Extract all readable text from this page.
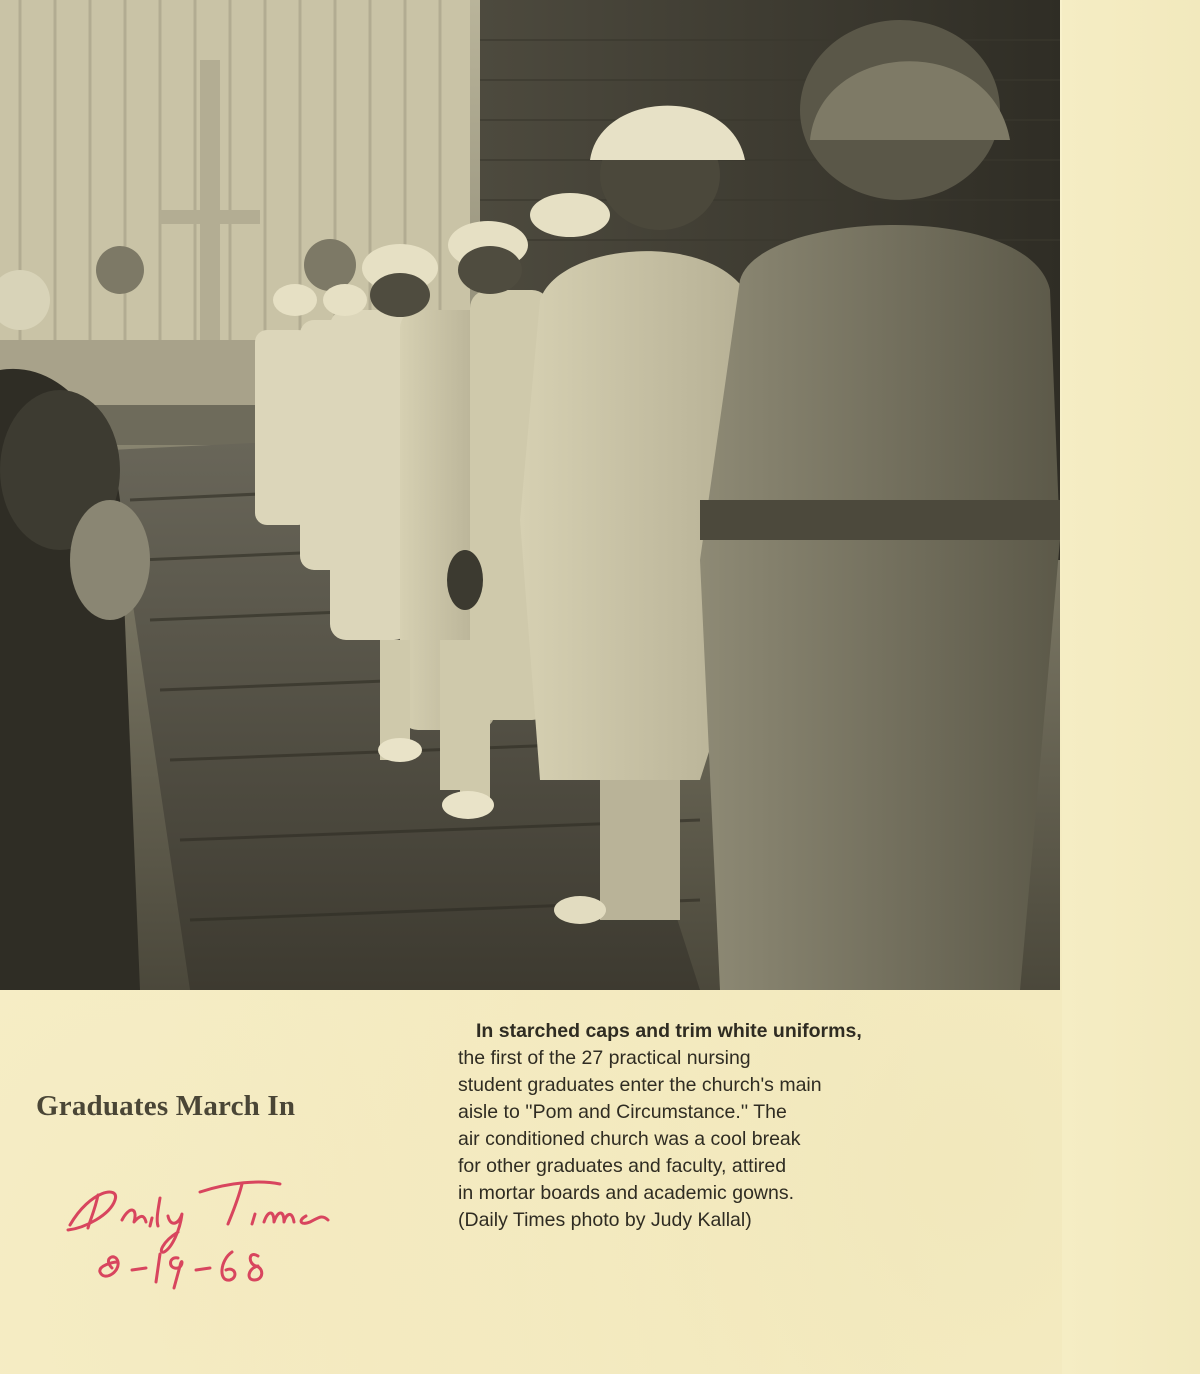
Graduates March In
In starched caps and trim white uniforms,
the first of the 27 practical nursing
student graduates enter the church's main
aisle to ''Pom and Circumstance.'' The
air conditioned church was a cool break
for other graduates and faculty, attired
in mortar boards and academic gowns.
(Daily Times photo by Judy Kallal)
